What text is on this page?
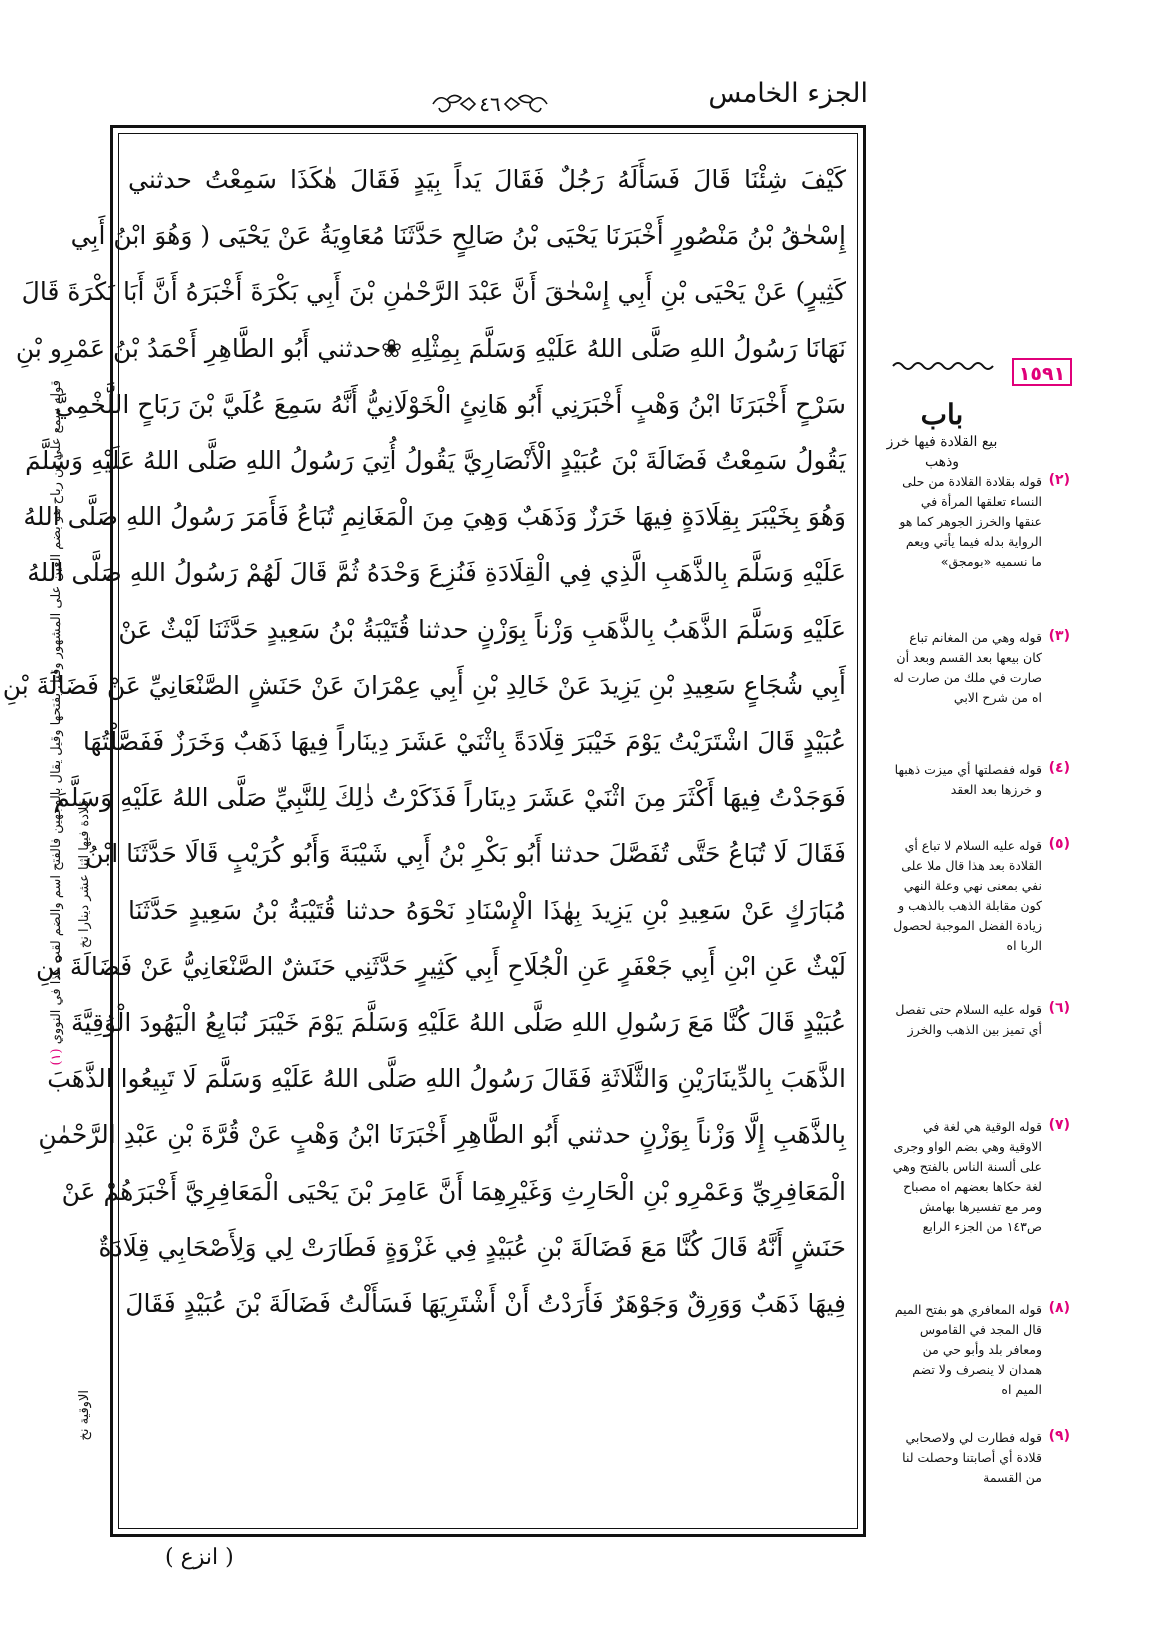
الجزء الخامس
٤٦
كَيْفَ شِئْنَا قَالَ فَسَأَلَهُ رَجُلٌ فَقَالَ يَداً بِيَدٍ فَقَالَ هٰكَذَا سَمِعْتُ حدثني
إِسْحٰقُ بْنُ مَنْصُورٍ أَخْبَرَنَا يَحْيَى بْنُ صَالِحٍ حَدَّثَنَا مُعَاوِيَةُ عَنْ يَحْيَى ( وَهُوَ ابْنُ أَبِي
كَثِيرٍ) عَنْ يَحْيَى بْنِ أَبِي إِسْحٰقَ أَنَّ عَبْدَ الرَّحْمٰنِ بْنَ أَبِي بَكْرَةَ أَخْبَرَهُ أَنَّ أَبَا بَكْرَةَ قَالَ
نَهَانَا رَسُولُ اللهِ صَلَّى اللهُ عَلَيْهِ وَسَلَّمَ بِمِثْلِهِ ❀حدثني أَبُو الطَّاهِرِ أَحْمَدُ بْنُ عَمْرِو بْنِ
سَرْحٍ أَخْبَرَنَا ابْنُ وَهْبٍ أَخْبَرَنِي أَبُو هَانِئٍ الْخَوْلَانِيُّ أَنَّهُ سَمِعَ عُلَيَّ بْنَ رَبَاحٍ اللَّخْمِيَّ
يَقُولُ سَمِعْتُ فَضَالَةَ بْنَ عُبَيْدٍ الْأَنْصَارِيَّ يَقُولُ أُتِيَ رَسُولُ اللهِ صَلَّى اللهُ عَلَيْهِ وَسَلَّمَ
وَهُوَ بِخَيْبَرَ بِقِلَادَةٍ فِيهَا خَرَزٌ وَذَهَبٌ وَهِيَ مِنَ الْمَغَانِمِ تُبَاعُ فَأَمَرَ رَسُولُ اللهِ صَلَّى اللهُ
عَلَيْهِ وَسَلَّمَ بِالذَّهَبِ الَّذِي فِي الْقِلَادَةِ فَنُزِعَ وَحْدَهُ ثُمَّ قَالَ لَهُمْ رَسُولُ اللهِ صَلَّى اللهُ
عَلَيْهِ وَسَلَّمَ الذَّهَبُ بِالذَّهَبِ وَزْناً بِوَزْنٍ حدثنا قُتَيْبَةُ بْنُ سَعِيدٍ حَدَّثَنَا لَيْثٌ عَنْ
أَبِي شُجَاعٍ سَعِيدِ بْنِ يَزِيدَ عَنْ خَالِدِ بْنِ أَبِي عِمْرَانَ عَنْ حَنَشٍ الصَّنْعَانِيِّ عَنْ فَضَالَةَ بْنِ
عُبَيْدٍ قَالَ اشْتَرَيْتُ يَوْمَ خَيْبَرَ قِلَادَةً بِاثْنَيْ عَشَرَ دِينَاراً فِيهَا ذَهَبٌ وَخَرَزٌ فَفَصَّلْتُهَا
فَوَجَدْتُ فِيهَا أَكْثَرَ مِنَ اثْنَيْ عَشَرَ دِينَاراً فَذَكَرْتُ ذٰلِكَ لِلنَّبِيِّ صَلَّى اللهُ عَلَيْهِ وَسَلَّمَ
فَقَالَ لَا تُبَاعُ حَتَّى تُفَصَّلَ حدثنا أَبُو بَكْرِ بْنُ أَبِي شَيْبَةَ وَأَبُو كُرَيْبٍ قَالَا حَدَّثَنَا ابْنُ
مُبَارَكٍ عَنْ سَعِيدِ بْنِ يَزِيدَ بِهٰذَا الْإِسْنَادِ نَحْوَهُ حدثنا قُتَيْبَةُ بْنُ سَعِيدٍ حَدَّثَنَا
لَيْثٌ عَنِ ابْنِ أَبِي جَعْفَرٍ عَنِ الْجُلَاحِ أَبِي كَثِيرٍ حَدَّثَنِي حَنَشٌ الصَّنْعَانِيُّ عَنْ فَضَالَةَ بْنِ
عُبَيْدٍ قَالَ كُنَّا مَعَ رَسُولِ اللهِ صَلَّى اللهُ عَلَيْهِ وَسَلَّمَ يَوْمَ خَيْبَرَ نُبَايِعُ الْيَهُودَ الْوُقِيَّةَ
الذَّهَبَ بِالدِّينَارَيْنِ وَالثَّلَاثَةِ فَقَالَ رَسُولُ اللهِ صَلَّى اللهُ عَلَيْهِ وَسَلَّمَ لَا تَبِيعُوا الذَّهَبَ
بِالذَّهَبِ إِلَّا وَزْناً بِوَزْنٍ حدثني أَبُو الطَّاهِرِ أَخْبَرَنَا ابْنُ وَهْبٍ عَنْ قُرَّةَ بْنِ عَبْدِ الرَّحْمٰنِ
الْمَعَافِرِيِّ وَعَمْرِو بْنِ الْحَارِثِ وَغَيْرِهِمَا أَنَّ عَامِرَ بْنَ يَحْيَى الْمَعَافِرِيَّ أَخْبَرَهُمْ عَنْ
حَنَشٍ أَنَّهُ قَالَ كُنَّا مَعَ فَضَالَةَ بْنِ عُبَيْدٍ فِي غَزْوَةٍ فَطَارَتْ لِي وَلِأَصْحَابِي قِلَادَةٌ
فِيهَا ذَهَبٌ وَوَرِقٌ وَجَوْهَرٌ فَأَرَدْتُ أَنْ أَشْتَرِيَهَا فَسَأَلْتُ فَضَالَةَ بْنَ عُبَيْدٍ فَقَالَ
( انزع )
١٥٩١
باب
بيع القلادة فيها خرز وذهب
(٢)
قوله بقلادة القلادة من حلى النساء تعلقها المرأة في عنقها والخرز الجوهر كما هو الرواية بدله فيما يأتي ويعم ما نسميه «بومجق»
(٣)
قوله وهي من المغانم تباع كان بيعها بعد القسم وبعد أن صارت في ملك من صارت له اه من شرح الابي
(٤)
قوله ففصلتها أي ميزت ذهبها و خرزها بعد العقد
(٥)
قوله عليه السلام لا تباع أي القلادة بعد هذا قال ملا على نفي بمعنى نهي وعلة النهي كون مقابلة الذهب بالذهب و زيادة الفضل الموجبة لحصول الربا اه
(٦)
قوله عليه السلام حتى تفصل أي تميز بين الذهب والخرز
(٧)
قوله الوقية هي لغة في الاوقية وهي بضم الواو وجرى على ألسنة الناس بالفتح وهي لغة حكاها بعضهم اه مصباح ومر مع تفسيرها بهامش ص١٤٣ من الجزء الرابع
(٨)
قوله المعافري هو بفتح الميم قال المجد في القاموس ومعافر بلد وأبو حي من همدان لا ينصرف ولا تضم الميم اه
(٩)
قوله فطارت لي ولاصحابي قلادة أي أصابتنا وحصلت لنا من القسمة
(١) قوله سمع علي بن رباح هو بضم العين على المشهور وقيل بفتحها وقيل يقال بالوجهين فالفتح اسم والضم لقب كذا في النووي قلادة فيها اثنا عشر دينارا نخ
الاوقية نخ
